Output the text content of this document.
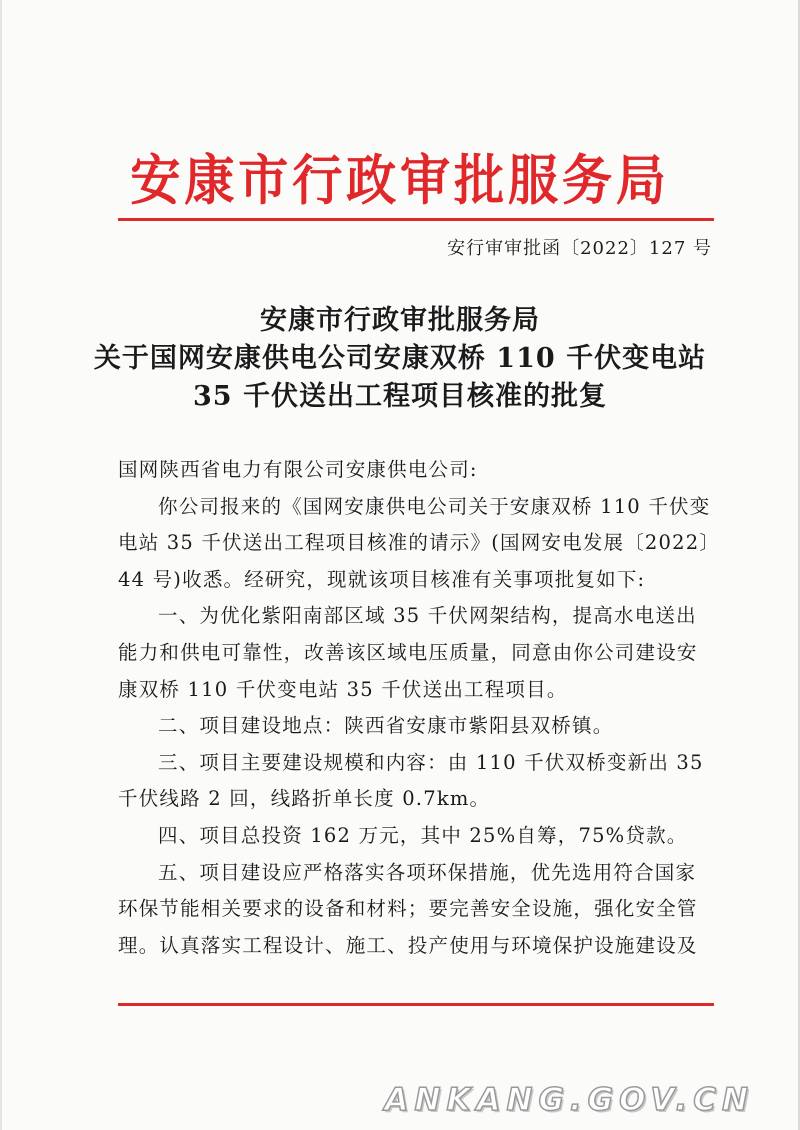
安康市行政审批服务局
安行审审批函〔2022〕127 号
安康市行政审批服务局
关于国网安康供电公司安康双桥 110 千伏变电站
35 千伏送出工程项目核准的批复
国网陕西省电力有限公司安康供电公司:
你公司报来的《国网安康供电公司关于安康双桥 110 千伏变
电站 35 千伏送出工程项目核准的请示》(国网安电发展〔2022〕
44 号)收悉。经研究，现就该项目核准有关事项批复如下:
一、为优化紫阳南部区域 35 千伏网架结构，提高水电送出
能力和供电可靠性，改善该区域电压质量，同意由你公司建设安
康双桥 110 千伏变电站 35 千伏送出工程项目。
二、项目建设地点：陕西省安康市紫阳县双桥镇。
三、项目主要建设规模和内容：由 110 千伏双桥变新出 35
千伏线路 2 回，线路折单长度 0.7km。
四、项目总投资 162 万元，其中 25%自筹，75%贷款。
五、项目建设应严格落实各项环保措施，优先选用符合国家
环保节能相关要求的设备和材料；要完善安全设施，强化安全管
理。认真落实工程设计、施工、投产使用与环境保护设施建设及
ANKANG.GOV.CN
